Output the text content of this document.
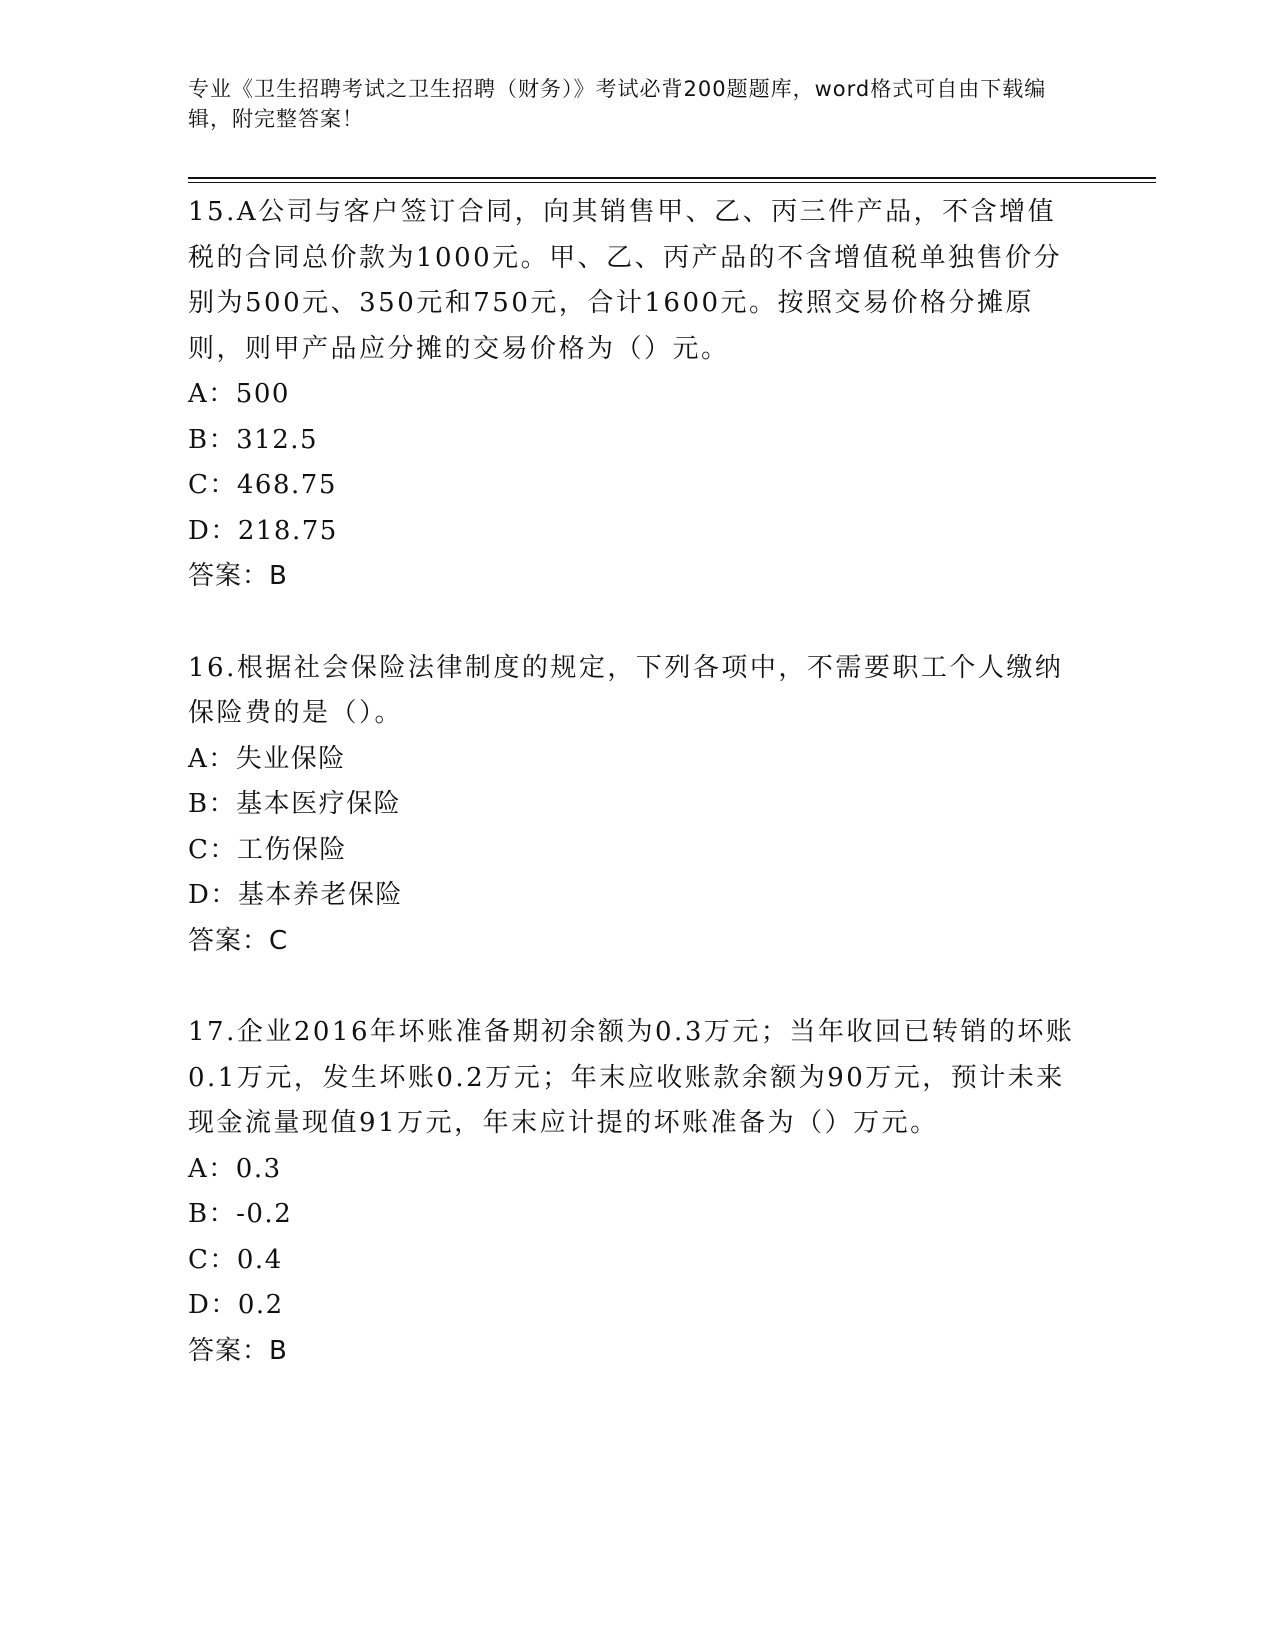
专业《卫生招聘考试之卫生招聘（财务）》考试必背200题题库，word格式可自由下载编辑，附完整答案！
15.A公司与客户签订合同，向其销售甲、乙、丙三件产品，不含增值税的合同总价款为1000元。甲、乙、丙产品的不含增值税单独售价分别为500元、350元和750元，合计1600元。按照交易价格分摊原则，则甲产品应分摊的交易价格为（）元。
A：500
B：312.5
C：468.75
D：218.75
答案：B
16.根据社会保险法律制度的规定，下列各项中，不需要职工个人缴纳保险费的是（）。
A：失业保险
B：基本医疗保险
C：工伤保险
D：基本养老保险
答案：C
17.企业2016年坏账准备期初余额为0.3万元；当年收回已转销的坏账0.1万元，发生坏账0.2万元；年末应收账款余额为90万元，预计未来现金流量现值91万元，年末应计提的坏账准备为（）万元。
A：0.3
B：-0.2
C：0.4
D：0.2
答案：B
